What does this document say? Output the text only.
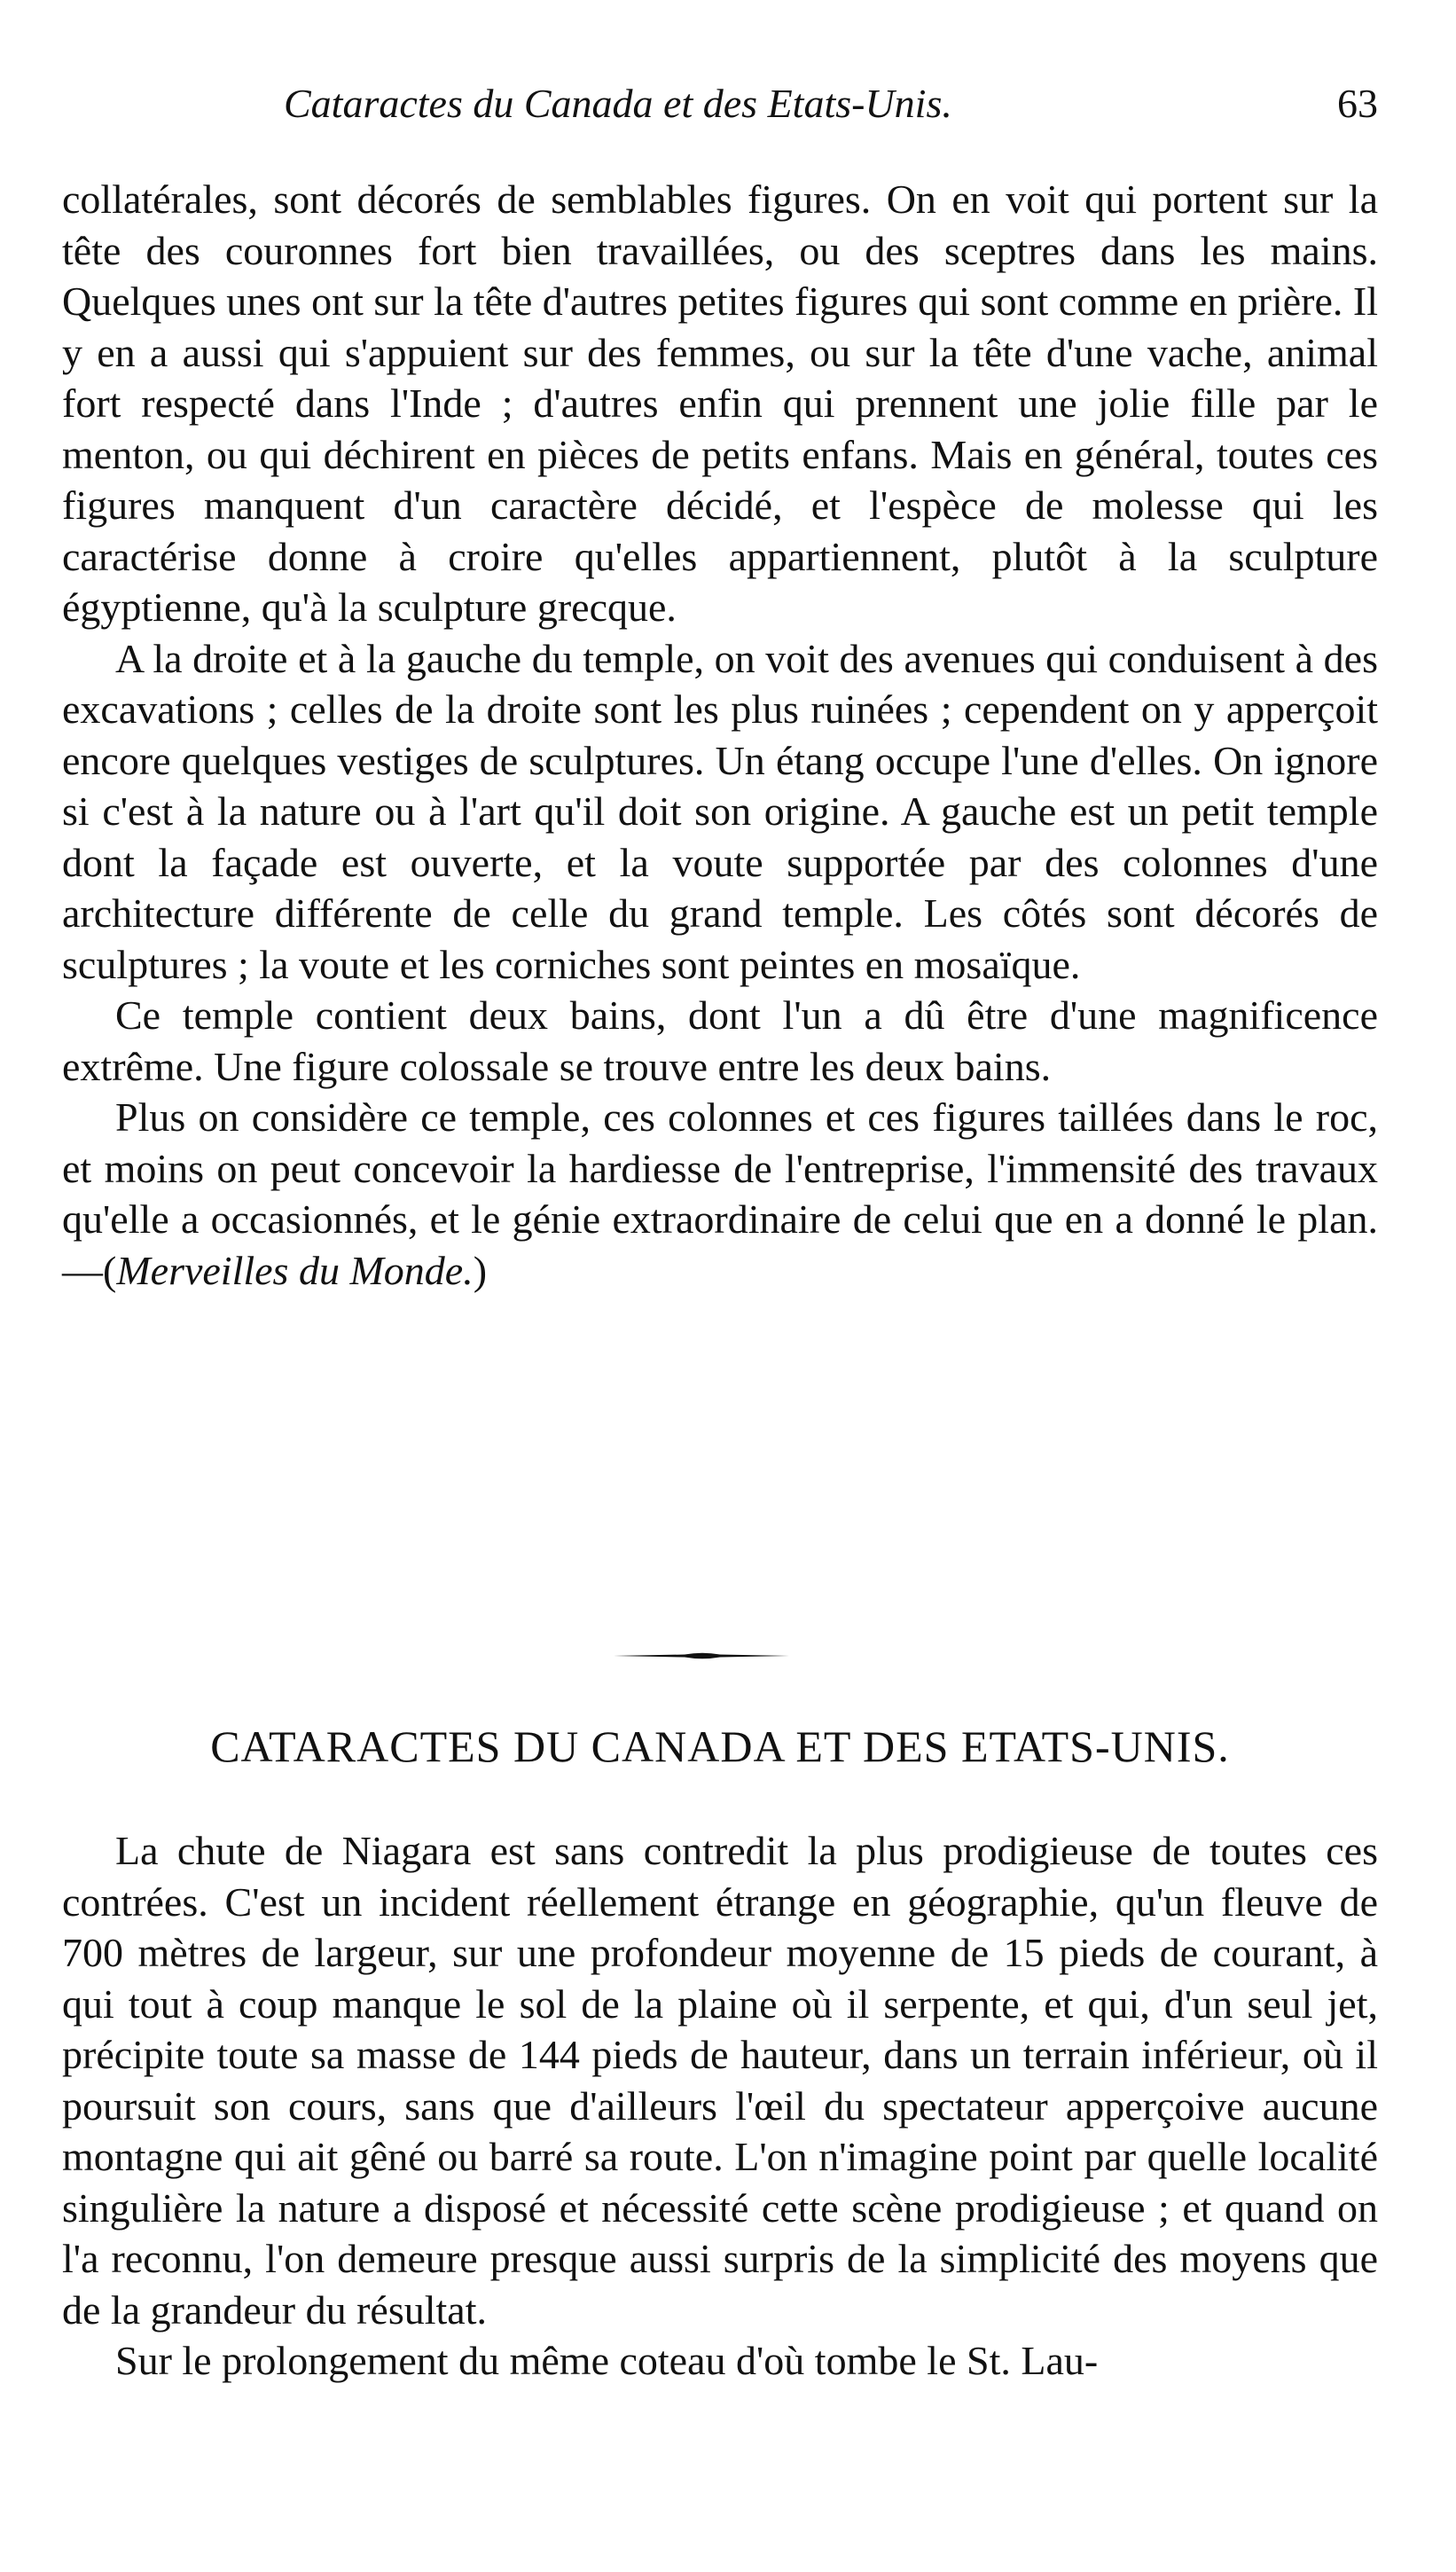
Cataractes du Canada et des Etats-Unis.	63

collatérales, sont décorés de semblables figures. On en voit qui portent sur la tête des couronnes fort bien travaillées, ou des sceptres dans les mains. Quelques unes ont sur la tête d'autres petites figures qui sont comme en prière. Il y en a aussi qui s'appuient sur des femmes, ou sur la tête d'une vache, animal fort respecté dans l'Inde ; d'autres enfin qui prennent une jolie fille par le menton, ou qui déchirent en pièces de petits enfans. Mais en général, toutes ces figures manquent d'un caractère décidé, et l'espèce de molesse qui les caractérise donne à croire qu'elles appartiennent, plutôt à la sculpture égyptienne, qu'à la sculpture grecque.

A la droite et à la gauche du temple, on voit des avenues qui conduisent à des excavations ; celles de la droite sont les plus ruinées ; cependent on y apperçoit encore quelques vestiges de sculptures. Un étang occupe l'une d'elles. On ignore si c'est à la nature ou à l'art qu'il doit son origine. A gauche est un petit temple dont la façade est ouverte, et la voute supportée par des colonnes d'une architecture différente de celle du grand temple. Les côtés sont décorés de sculptures ; la voute et les corniches sont peintes en mosaïque.

Ce temple contient deux bains, dont l'un a dû être d'une magnificence extrême. Une figure colossale se trouve entre les deux bains.

Plus on considère ce temple, ces colonnes et ces figures taillées dans le roc, et moins on peut concevoir la hardiesse de l'entreprise, l'immensité des travaux qu'elle a occasionnés, et le génie extraordinaire de celui que en a donné le plan.—(Merveilles du Monde.)

CATARACTES DU CANADA ET DES ETATS-UNIS.

La chute de Niagara est sans contredit la plus prodigieuse de toutes ces contrées. C'est un incident réellement étrange en géographie, qu'un fleuve de 700 mètres de largeur, sur une profondeur moyenne de 15 pieds de courant, à qui tout à coup manque le sol de la plaine où il serpente, et qui, d'un seul jet, précipite toute sa masse de 144 pieds de hauteur, dans un terrain inférieur, où il poursuit son cours, sans que d'ailleurs l'œil du spectateur apperçoive aucune montagne qui ait gêné ou barré sa route. L'on n'imagine point par quelle localité singulière la nature a disposé et nécessité cette scène prodigieuse ; et quand on l'a reconnu, l'on demeure presque aussi surpris de la simplicité des moyens que de la grandeur du résultat.

Sur le prolongement du même coteau d'où tombe le St. Lau-
